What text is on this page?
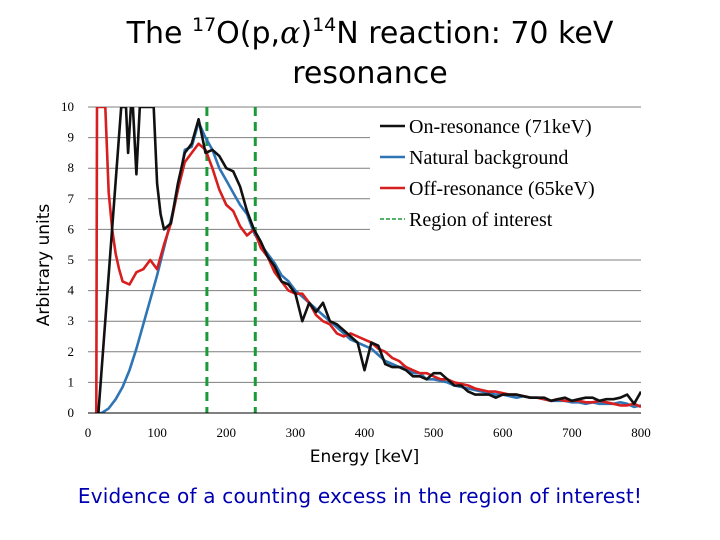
The $^{17}O(p,\alpha)^{14}N$ reaction: 70 keV resonance
0
1
2
3
4
5
6
7
8
9
10
0	100	200	300	400	500	600	700	800
Energy [keV]
Arbitrary units
On-resonance (71keV)
Natural background
Off-resonance (65keV)
Region of interest
Evidence of a counting excess in the region of interest!
